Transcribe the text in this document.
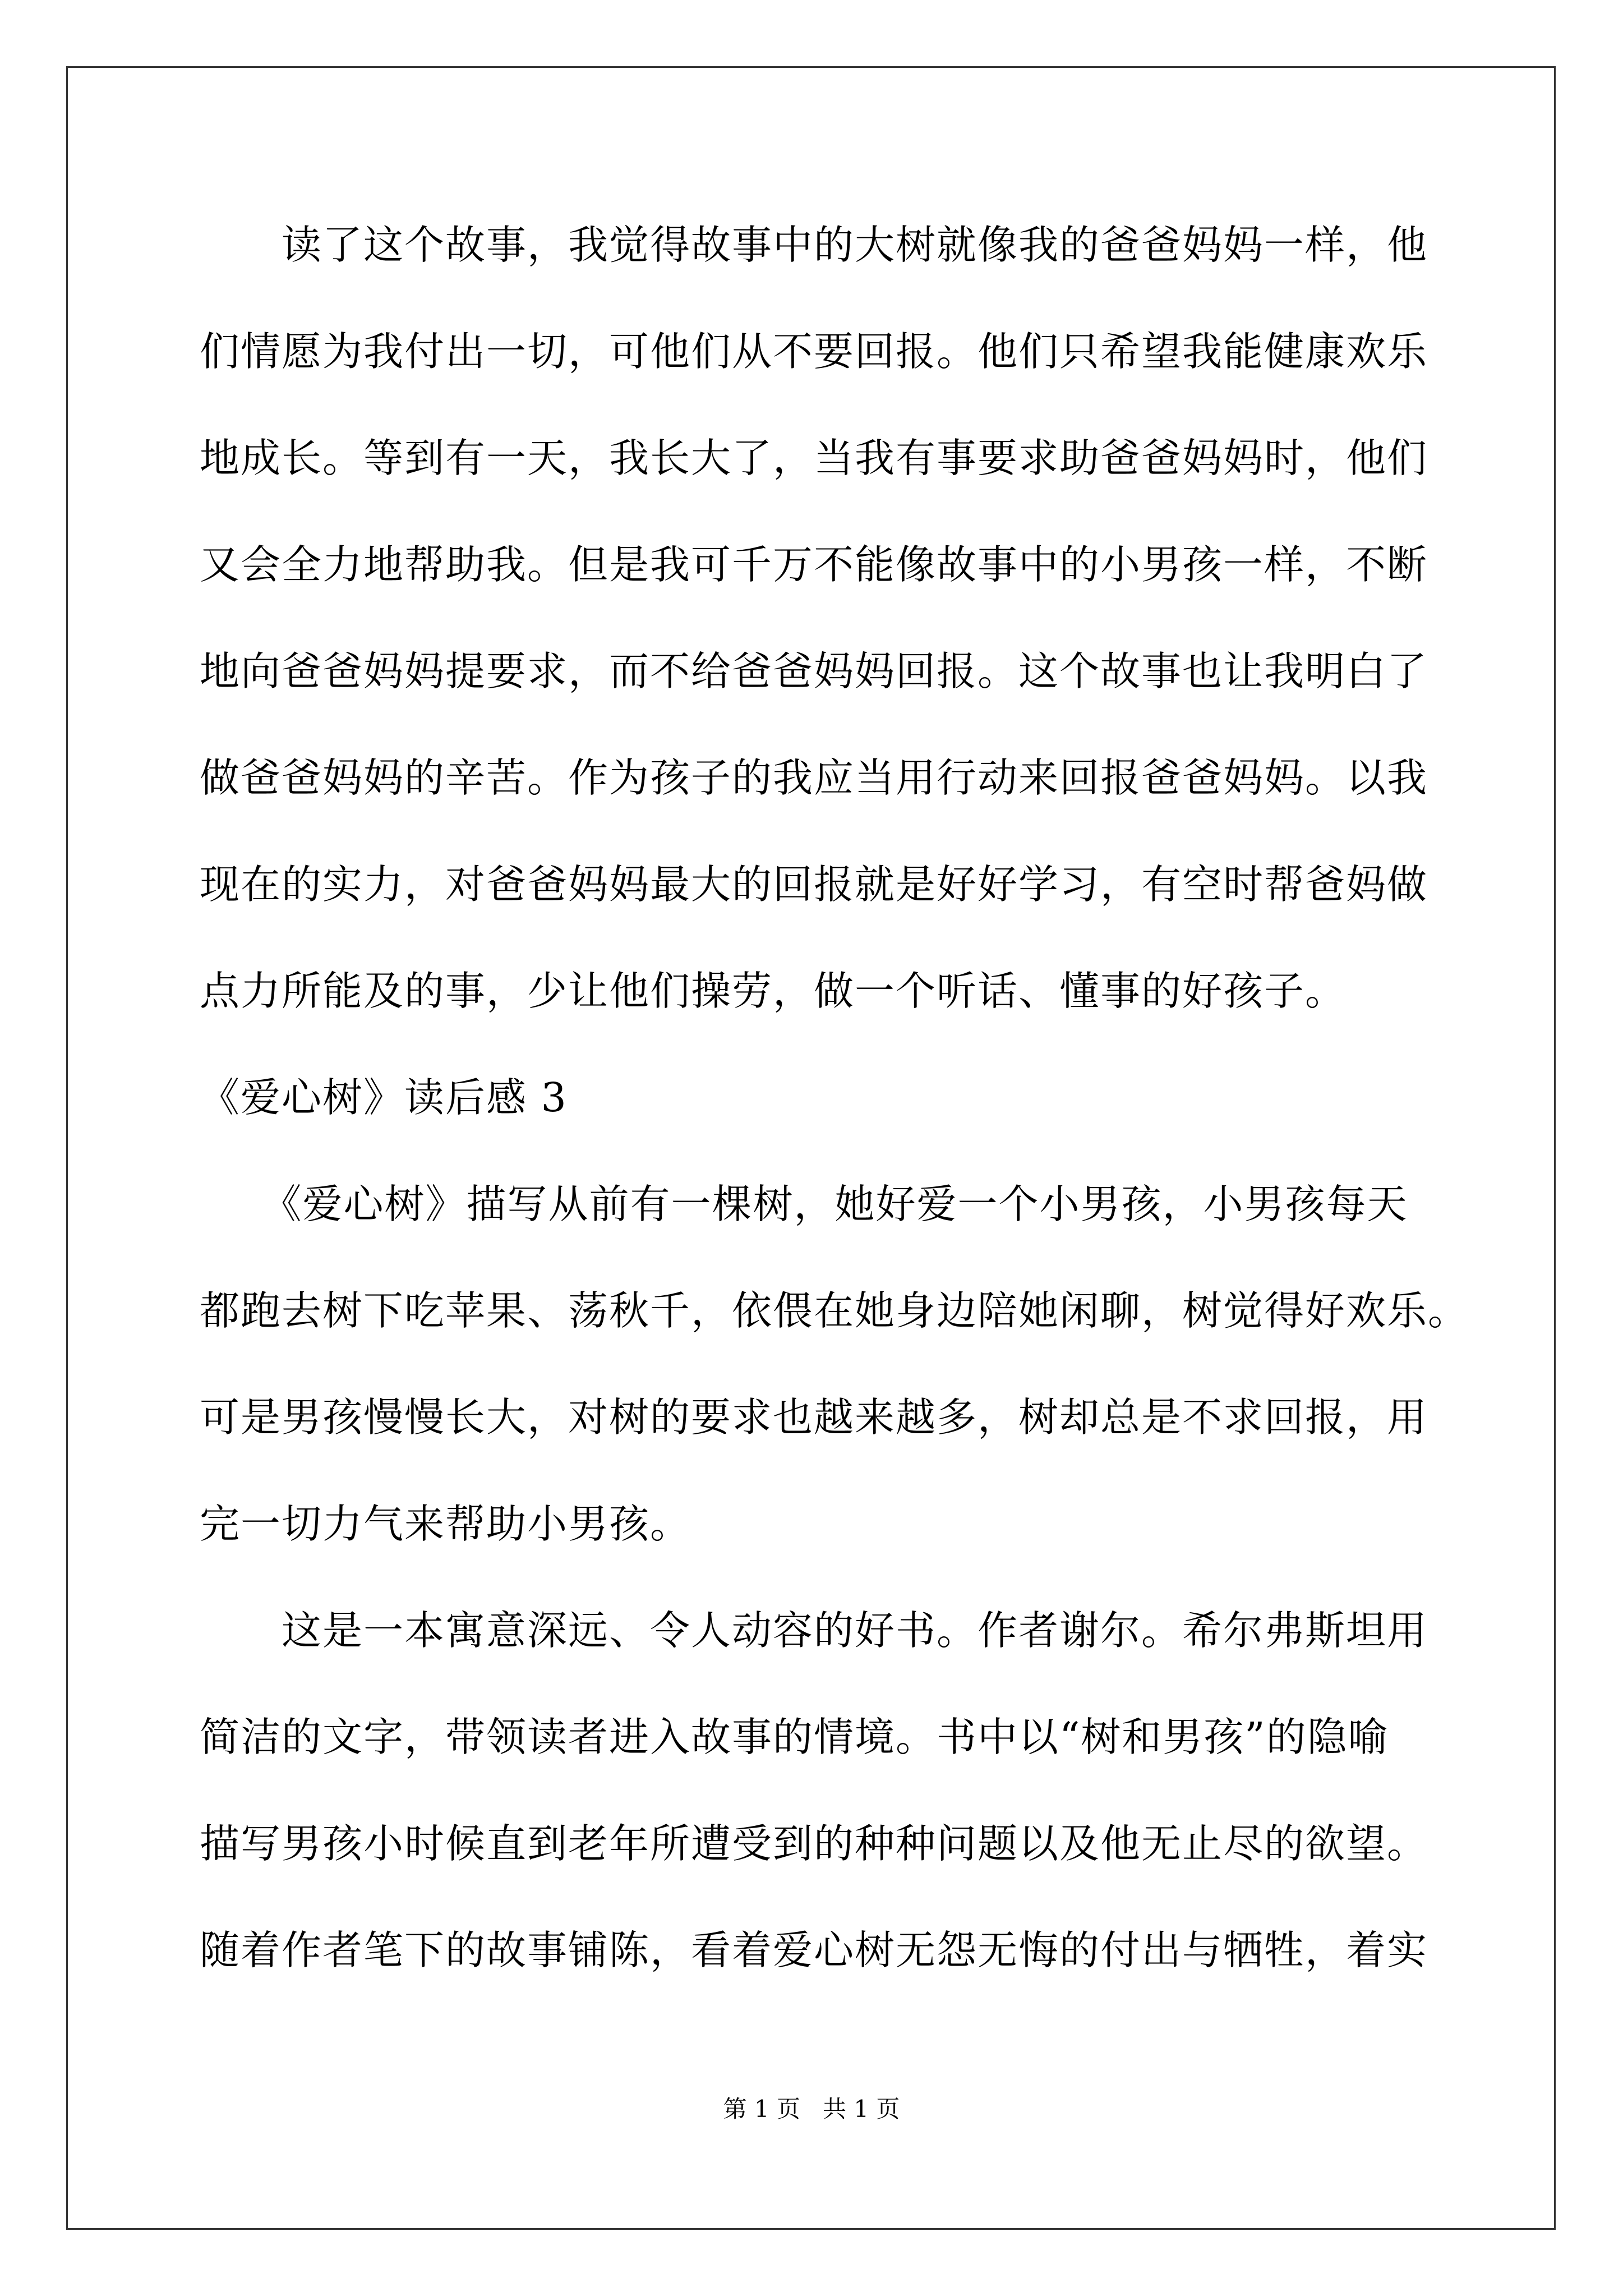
　　读了这个故事，我觉得故事中的大树就像我的爸爸妈妈一样，他
们情愿为我付出一切，可他们从不要回报。他们只希望我能健康欢乐
地成长。等到有一天，我长大了，当我有事要求助爸爸妈妈时，他们
又会全力地帮助我。但是我可千万不能像故事中的小男孩一样，不断
地向爸爸妈妈提要求，而不给爸爸妈妈回报。这个故事也让我明白了
做爸爸妈妈的辛苦。作为孩子的我应当用行动来回报爸爸妈妈。以我
现在的实力，对爸爸妈妈最大的回报就是好好学习，有空时帮爸妈做
点力所能及的事，少让他们操劳，做一个听话、懂事的好孩子。
《爱心树》读后感 3
　　《爱心树》描写从前有一棵树，她好爱一个小男孩，小男孩每天
都跑去树下吃苹果、荡秋千，依偎在她身边陪她闲聊，树觉得好欢乐。
可是男孩慢慢长大，对树的要求也越来越多，树却总是不求回报，用
完一切力气来帮助小男孩。
　　这是一本寓意深远、令人动容的好书。作者谢尔。希尔弗斯坦用
简洁的文字，带领读者进入故事的情境。书中以“树和男孩”的隐喻
描写男孩小时候直到老年所遭受到的种种问题以及他无止尽的欲望。
随着作者笔下的故事铺陈，看着爱心树无怨无悔的付出与牺牲，着实
第 1 页 共 1 页
